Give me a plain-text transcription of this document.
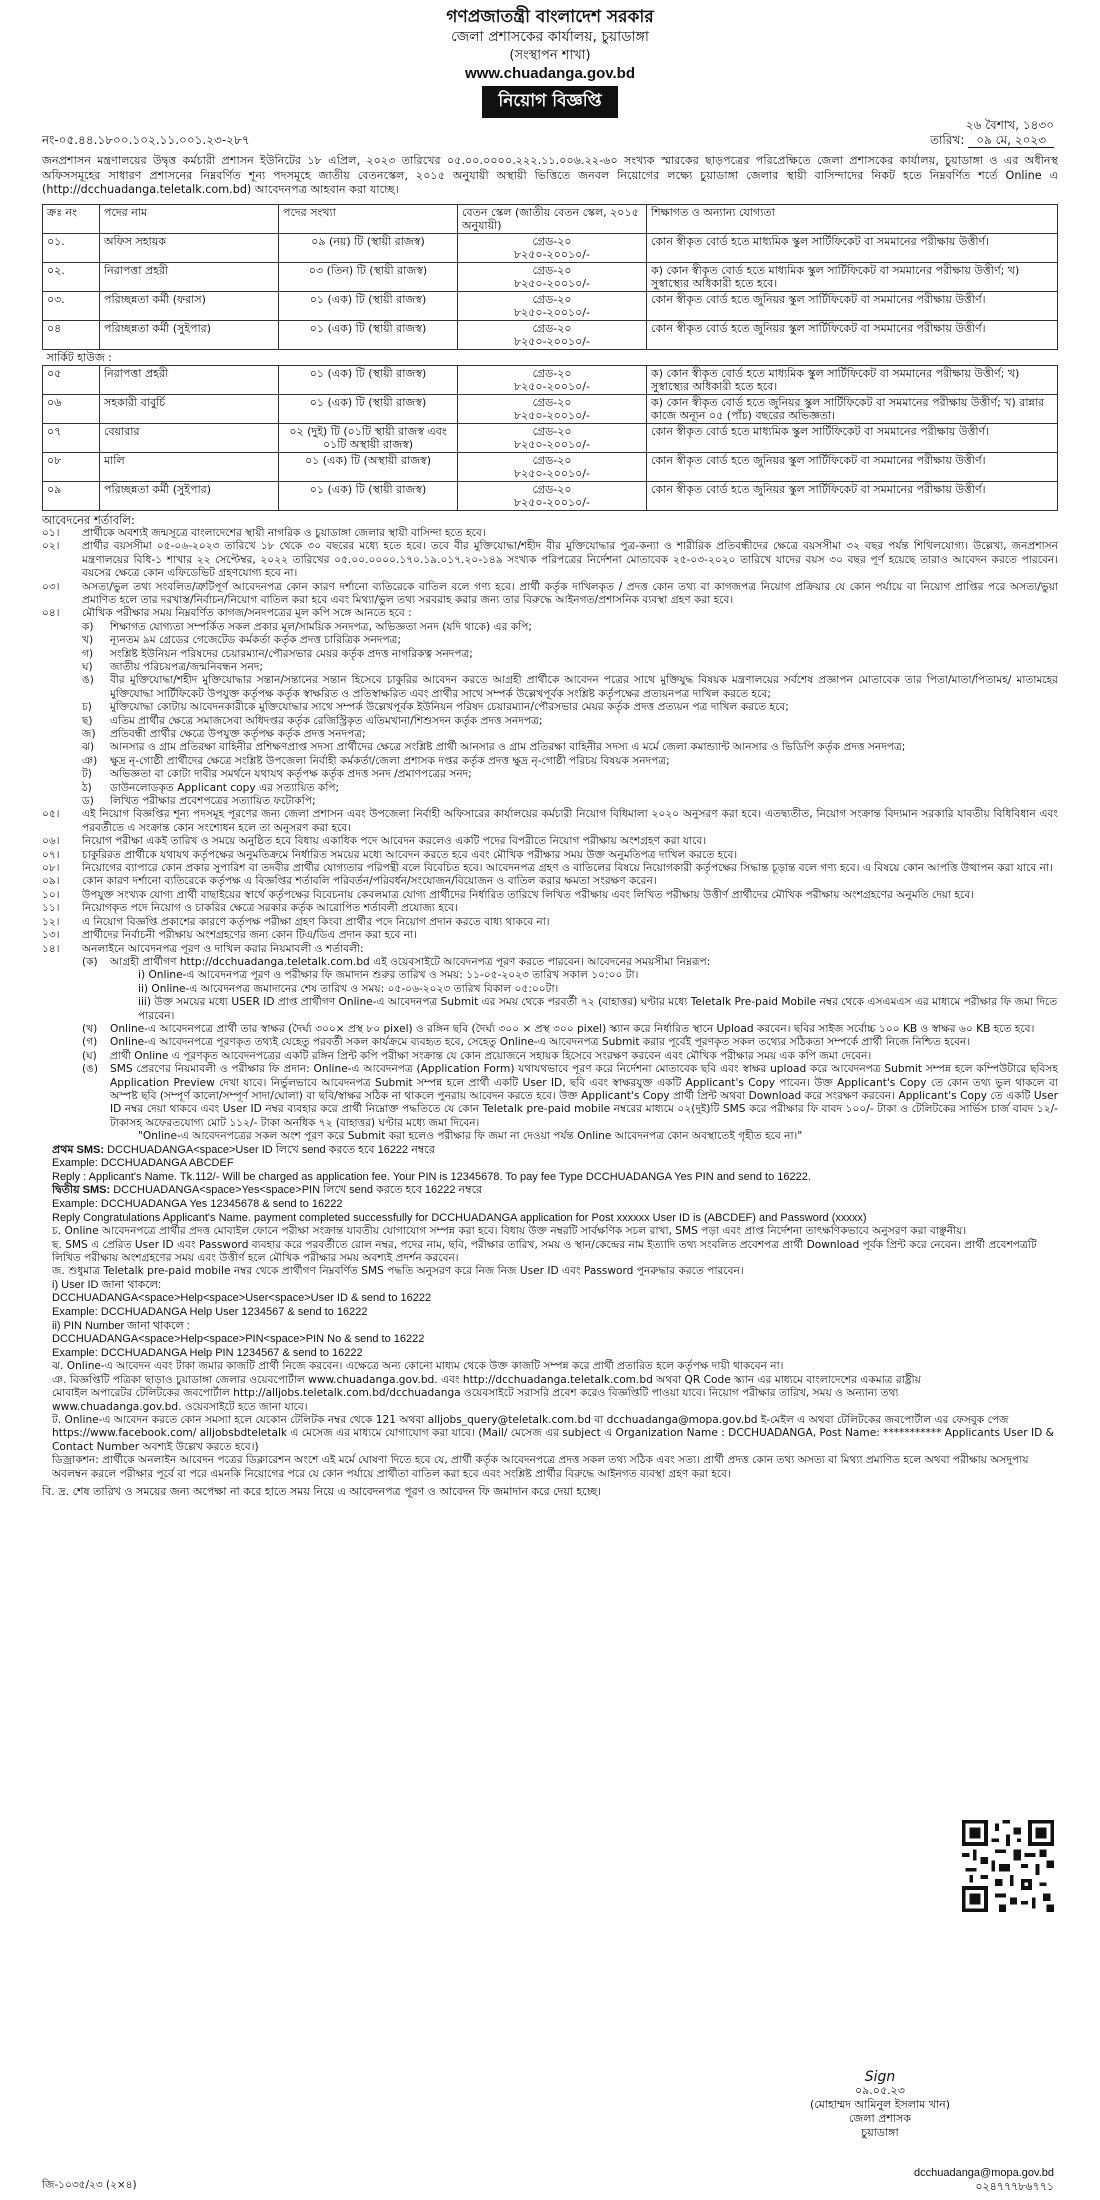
গণপ্রজাতন্ত্রী বাংলাদেশ সরকার
জেলা প্রশাসকের কার্যালয়, চুয়াডাঙ্গা
(সংস্থাপন শাখা)
www.chuadanga.gov.bd
নিয়োগ বিজ্ঞপ্তি
২৬ বৈশাখ, ১৪৩০
তারিখ: ০৯ মে, ২০২৩
নং-০৫.৪৪.১৮০০.১০২.১১.০০১.২৩-২৮৭
জনপ্রশাসন মন্ত্রণালয়ের উদ্বৃত্ত কর্মচারী প্রশাসন ইউনিটের ১৮ এপ্রিল, ২০২৩ তারিখের ০৫.০০.০০০০.২২২.১১.০০৬.২২-৬০ সংখ্যক স্মারকের ছাড়পত্রের পরিপ্রেক্ষিতে জেলা প্রশাসকের কার্যালয়, চুয়াডাঙ্গা ও এর অধীনস্থ অফিসসমূহের সাধারণ প্রশাসনের নিম্নবর্ণিত শূন্য পদসমূহে জাতীয় বেতনস্কেল, ২০১৫ অনুযায়ী অস্থায়ী ভিত্তিতে জনবল নিয়োগের লক্ষ্যে চুয়াডাঙ্গা জেলার স্থায়ী বাসিন্দাদের নিকট হতে নিম্নবর্ণিত শর্তে Online এ (http://dcchuadanga.teletalk.com.bd) আবেদনপত্র আহবান করা যাচ্ছে।
ক্রঃ নং	পদের নাম	পদের সংখ্যা	বেতন স্কেল (জাতীয় বেতন স্কেল, ২০১৫ অনুযায়ী)	শিক্ষাগত ও অন্যান্য যোগ্যতা
০১.	অফিস সহায়ক	০৯ (নয়) টি (স্থায়ী রাজস্ব)	গ্রেড-২০
৮২৫০-২০০১০/-	কোন স্বীকৃত বোর্ড হতে মাধ্যমিক স্কুল সার্টিফিকেট বা সমমানের পরীক্ষায় উত্তীর্ণ।
০২.	নিরাপত্তা প্রহরী	০৩ (তিন) টি (স্থায়ী রাজস্ব)	গ্রেড-২০
৮২৫০-২০০১০/-	ক) কোন স্বীকৃত বোর্ড হতে মাধ্যমিক স্কুল সার্টিফিকেট বা সমমানের পরীক্ষায় উত্তীর্ণ; খ) সুস্বাস্থ্যের অধিকারী হতে হবে।
০৩.	পরিচ্ছন্নতা কর্মী (ফরাস)	০১ (এক) টি (স্থায়ী রাজস্ব)	গ্রেড-২০
৮২৫০-২০০১০/-	কোন স্বীকৃত বোর্ড হতে জুনিয়র স্কুল সার্টিফিকেট বা সমমানের পরীক্ষায় উত্তীর্ণ।
০৪	পরিচ্ছন্নতা কর্মী (সুইপার)	০১ (এক) টি (স্থায়ী রাজস্ব)	গ্রেড-২০
৮২৫০-২০০১০/-	কোন স্বীকৃত বোর্ড হতে জুনিয়র স্কুল সার্টিফিকেট বা সমমানের পরীক্ষায় উত্তীর্ণ।
সার্কিট হাউজ :				
০৫	নিরাপত্তা প্রহরী	০১ (এক) টি (স্থায়ী রাজস্ব)	গ্রেড-২০
৮২৫০-২০০১০/-	ক) কোন স্বীকৃত বোর্ড হতে মাধ্যমিক স্কুল সার্টিফিকেট বা সমমানের পরীক্ষায় উত্তীর্ণ; খ) সুস্বাস্থ্যের অধিকারী হতে হবে।
০৬	সহকারী বাবুর্চি	০১ (এক) টি (স্থায়ী রাজস্ব)	গ্রেড-২০
৮২৫০-২০০১০/-	ক) কোন স্বীকৃত বোর্ড হতে জুনিয়র স্কুল সার্টিফিকেট বা সমমানের পরীক্ষায় উত্তীর্ণ; খ) রান্নার কাজে অন্যূন ০৫ (পাঁচ) বছরের অভিজ্ঞতা।
০৭	বেয়ারার	০২ (দুই) টি (০১টি স্থায়ী রাজস্ব এবং ০১টি অস্থায়ী রাজস্ব)	গ্রেড-২০
৮২৫০-২০০১০/-	কোন স্বীকৃত বোর্ড হতে মাধ্যমিক স্কুল সার্টিফিকেট বা সমমানের পরীক্ষায় উত্তীর্ণ।
০৮	মালি	০১ (এক) টি (অস্থায়ী রাজস্ব)	গ্রেড-২০
৮২৫০-২০০১০/-	কোন স্বীকৃত বোর্ড হতে জুনিয়র স্কুল সার্টিফিকেট বা সমমানের পরীক্ষায় উত্তীর্ণ।
০৯	পরিচ্ছন্নতা কর্মী (সুইপার)	০১ (এক) টি (স্থায়ী রাজস্ব)	গ্রেড-২০
৮২৫০-২০০১০/-	কোন স্বীকৃত বোর্ড হতে জুনিয়র স্কুল সার্টিফিকেট বা সমমানের পরীক্ষায় উত্তীর্ণ।
আবেদনের শর্তাবলি:
০১।	প্রার্থীকে অবশ্যই জন্মসূত্রে বাংলাদেশের স্থায়ী নাগরিক ও চুয়াডাঙ্গা জেলার স্থায়ী বাসিন্দা হতে হবে।
০২।	প্রার্থীর বয়সসীমা ০৫-০৬-২০২৩ তারিখে ১৮ থেকে ৩০ বছরের মধ্যে হতে হবে। তবে বীর মুক্তিযোদ্ধা/শহীদ বীর মুক্তিযোদ্ধার পুত্র-কন্যা ও শারীরিক প্রতিবন্ধীদের ক্ষেত্রে বয়সসীমা ৩২ বছর পর্যন্ত শিথিলযোগ্য। উল্লেখ্য, জনপ্রশাসন মন্ত্রণালয়ের বিধি-১ শাখার ২২ সেপ্টেম্বর, ২০২২ তারিখের ০৫.০০.০০০০.১৭০.১৯.০১৭.২০-১৪৯ সংখ্যক পরিপত্রের নির্দেশনা মোতাবেক ২৫-০৩-২০২০ তারিখে যাদের বয়স ৩০ বছর পূর্ণ হয়েছে তারাও আবেদন করতে পারবেন। বয়সের ক্ষেত্রে কোন এফিডেভিট গ্রহণযোগ্য হবে না।
০৩।	অসত্য/ভুল তথ্য সংবলিত/ত্রুটিপূর্ণ আবেদনপত্র কোন কারণ দর্শানো ব্যতিরেকে বাতিল বলে গণ্য হবে। প্রার্থী কর্তৃক দাখিলকৃত / প্রদত্ত কোন তথ্য বা কাগজপত্র নিয়োগ প্রক্রিয়ার যে কোন পর্যায়ে বা নিয়োগ প্রাপ্তির পরে অসত্য/ভুয়া প্রমাণিত হলে তার দরখাস্ত/নির্বাচন/নিয়োগ বাতিল করা হবে এবং মিথ্যা/ভুল তথ্য সরবরাহ করার জন্য তার বিরুদ্ধে আইনগত/প্রশাসনিক ব্যবস্থা গ্রহণ করা হবে।
০৪।	মৌখিক পরীক্ষার সময় নিম্নবর্ণিত কাগজ/সনদপত্রের মূল কপি সঙ্গে আনতে হবে :
ক)	শিক্ষাগত যোগ্যতা সম্পর্কিত সকল প্রকার মূল/সাময়িক সনদপত্র, অভিজ্ঞতা সনদ (যদি থাকে) এর কপি;
খ)	ন্যূনতম ৯ম গ্রেডের গেজেটেড কর্মকর্তা কর্তৃক প্রদত্ত চারিত্রিক সনদপত্র;
গ)	সংশ্লিষ্ট ইউনিয়ন পরিষদের চেয়ারম্যান/পৌরসভার মেয়র কর্তৃক প্রদত্ত নাগরিকত্ব সনদপত্র;
ঘ)	জাতীয় পরিচয়পত্র/জন্মনিবন্ধন সনদ;
ঙ)	বীর মুক্তিযোদ্ধা/শহীদ মুক্তিযোদ্ধার সন্তান/সন্তানের সন্তান হিসেবে চাকুরির আবেদন করতে আগ্রহী প্রার্থীকে আবেদন পত্রের সাথে মুক্তিযুদ্ধ বিষয়ক মন্ত্রণালয়ের সর্বশেষ প্রজ্ঞাপন মোতাবেক তার পিতা/মাতা/পিতামহ/ মাতামহের মুক্তিযোদ্ধা সার্টিফিকেট উপযুক্ত কর্তৃপক্ষ কর্তৃক স্বাক্ষরিত ও প্রতিস্বাক্ষরিত এবং প্রার্থীর সাথে সম্পর্ক উল্লেখপূর্বক সংশ্লিষ্ট কর্তৃপক্ষের প্রত্যয়নপত্র দাখিল করতে হবে;
চ)	মুক্তিযোদ্ধা কোটায় আবেদনকারীকে মুক্তিযোদ্ধার সাথে সম্পর্ক উল্লেখপূর্বক ইউনিয়ন পরিষদ চেয়ারম্যান/পৌরসভার মেয়র কর্তৃক প্রদত্ত প্রত্যয়ন পত্র দাখিল করতে হবে;
ছ)	এতিম প্রার্থীর ক্ষেত্রে সমাজসেবা অধিদপ্তর কর্তৃক রেজিস্ট্রিকৃত এতিমখানা/শিশুসদন কর্তৃক প্রদত্ত সনদপত্র;
জ)	প্রতিবন্ধী প্রার্থীর ক্ষেত্রে উপযুক্ত কর্তৃপক্ষ কর্তৃক প্রদত্ত সনদপত্র;
ঝ)	আনসার ও গ্রাম প্রতিরক্ষা বাহিনীর প্রশিক্ষণপ্রাপ্ত সদস্য প্রার্থীদের ক্ষেত্রে সংশ্লিষ্ট প্রার্থী আনসার ও গ্রাম প্রতিরক্ষা বাহিনীর সদস্য এ মর্মে জেলা কমান্ড্যান্ট আনসার ও ভিডিপি কর্তৃক প্রদত্ত সনদপত্র;
ঞ)	ক্ষুদ্র নৃ-গোষ্ঠী প্রার্থীদের ক্ষেত্রে সংশ্লিষ্ট উপজেলা নির্বাহী কর্মকর্তা/জেলা প্রশাসক দপ্তর কর্তৃক প্রদত্ত ক্ষুদ্র নৃ-গোষ্ঠী পরিচয় বিষয়ক সনদপত্র;
ট)	অভিজ্ঞতা বা কোটা দাবীর সমর্থনে যথাযথ কর্তৃপক্ষ কর্তৃক প্রদত্ত সনদ /প্রমাণপত্রের সনদ;
ঠ)	ডাউনলোডকৃত Applicant copy এর সত্যায়িত কপি;
ড)	লিখিত পরীক্ষার প্রবেশপত্রের সত্যায়িত ফটোকপি;
০৫।	এই নিয়োগ বিজ্ঞপ্তির শূন্য পদসমূহ পূরণের জন্য জেলা প্রশাসন এবং উপজেলা নির্বাহী অফিসারের কার্যালয়ের কর্মচারী নিয়োগ বিধিমালা ২০২০ অনুসরণ করা হবে। এতদ্ব্যতীত, নিয়োগ সংক্রান্ত বিদ্যমান সরকারি যাবতীয় বিধিবিধান এবং পরবর্তীতে এ সংক্রান্ত কোন সংশোধন হলে তা অনুসরণ করা হবে।
০৬।	নিয়োগ পরীক্ষা একই তারিখ ও সময়ে অনুষ্ঠিত হবে বিধায় একাধিক পদে আবেদন করলেও একটি পদের বিপরীতে নিয়োগ পরীক্ষায় অংশগ্রহণ করা যাবে।
০৭।	চাকুরিরত প্রার্থীকে যথাযথ কর্তৃপক্ষের অনুমতিক্রমে নির্ধারিত সময়ের মধ্যে আবেদন করতে হবে এবং মৌখিক পরীক্ষার সময় উক্ত অনুমতিপত্র দাখিল করতে হবে।
০৮।	নিয়োগের ব্যাপারে কোন প্রকার সুপারিশ বা তদবীর প্রার্থীর যোগ্যতার পরিপন্থী বলে বিবেচিত হবে। আবেদনপত্র গ্রহণ ও বাতিলের বিষয়ে নিয়োগকারী কর্তৃপক্ষের সিদ্ধান্ত চূড়ান্ত বলে গণ্য হবে। এ বিষয়ে কোন আপত্তি উত্থাপন করা যাবে না।
০৯।	কোন কারণ দর্শানো ব্যতিরেকে কর্তৃপক্ষ এ বিজ্ঞপ্তির শর্তাবলি পরিবর্তন/পরিবর্ধন/সংযোজন/বিয়োজন ও বাতিল করার ক্ষমতা সংরক্ষণ করেন।
১০।	উপযুক্ত সংখ্যক যোগ্য প্রার্থী বাছাইয়ের স্বার্থে কর্তৃপক্ষের বিবেচনায় কেবলমাত্র যোগ্য প্রার্থীদের নির্ধারিত তারিখে লিখিত পরীক্ষায় এবং লিখিত পরীক্ষায় উত্তীর্ণ প্রার্থীদের মৌখিক পরীক্ষায় অংশগ্রহণের অনুমতি দেয়া হবে।
১১।	নিয়োগকৃত পদে নিয়োগ ও চাকরির ক্ষেত্রে সরকার কর্তৃক আরোপিত শর্তাবলী প্রযোজ্য হবে।
১২।	এ নিয়োগ বিজ্ঞপ্তি প্রকাশের কারণে কর্তৃপক্ষ পরীক্ষা গ্রহণ কিংবা প্রার্থীর পদে নিয়োগ প্রদান করতে বাধ্য থাকবে না।
১৩।	প্রার্থীদের নির্বাচনী পরীক্ষায় অংশগ্রহণের জন্য কোন টিএ/ডিএ প্রদান করা হবে না।
১৪।	অনলাইনে আবেদনপত্র পূরণ ও দাখিল করার নিয়মাবলী ও শর্তাবলী:
(ক)	আগ্রহী প্রার্থীগণ http://dcchuadanga.teletalk.com.bd এই ওয়েবসাইটে আবেদনপত্র পূরণ করতে পারবেন। আবেদনের সময়সীমা নিম্নরূপ:
i) Online-এ আবেদনপত্র পূরণ ও পরীক্ষার ফি জমাদান শুরুর তারিখ ও সময়: ১১-০৫-২০২৩ তারিখ সকাল ১০:০০ টা।
ii) Online-এ আবেদনপত্র জমাদানের শেষ তারিখ ও সময়: ০৫-০৬-২০২৩ তারিখ বিকাল ০৫:০০টা।
iii) উক্ত সময়ের মধ্যে USER ID প্রাপ্ত প্রার্থীগণ Online-এ আবেদনপত্র Submit এর সময় থেকে পরবর্তী ৭২ (বাহাত্তর) ঘণ্টার মধ্যে Teletalk Pre-paid Mobile নম্বর থেকে এসএমএস এর মাধ্যমে পরীক্ষার ফি জমা দিতে পারবেন।
(খ)	Online-এ আবেদনপত্রে প্রার্থী তার স্বাক্ষর (দৈর্ঘ্য ৩০০× প্রস্থ ৮০ pixel) ও রঙ্গিন ছবি (দৈর্ঘ্য ৩০০ × প্রস্থ ৩০০ pixel) স্ক্যান করে নির্ধারিত স্থানে Upload করবেন। ছবির সাইজ সর্বোচ্চ ১০০ KB ও স্বাক্ষর ৬০ KB হতে হবে।
(গ)	Online-এ আবেদনপত্রে পূরণকৃত তথ্যই যেহেতু পরবর্তী সকল কার্যক্রমে ব্যবহৃত হবে, সেহেতু Online-এ আবেদনপত্র Submit করার পূর্বেই পূরণকৃত সকল তথ্যের সঠিকতা সম্পর্কে প্রার্থী নিজে নিশ্চিত হবেন।
(ঘ)	প্রার্থী Online এ পূরণকৃত আবেদনপত্রের একটি রঙ্গিন প্রিন্ট কপি পরীক্ষা সংক্রান্ত যে কোন প্রয়োজনে সহায়ক হিসেবে সংরক্ষণ করবেন এবং মৌখিক পরীক্ষার সময় এক কপি জমা দেবেন।
(ঙ)	SMS প্রেরণের নিয়মাবলী ও পরীক্ষার ফি প্রদান: Online-এ আবেদনপত্র (Application Form) যথাযথভাবে পূরণ করে নির্দেশনা মোতাবেক ছবি এবং স্বাক্ষর upload করে আবেদনপত্র Submit সম্পন্ন হলে কম্পিউটারে ছবিসহ Application Preview দেখা যাবে। নির্ভুলভাবে আবেদনপত্র Submit সম্পন্ন হলে প্রার্থী একটি User ID, ছবি এবং স্বাক্ষরযুক্ত একটি Applicant's Copy পাবেন। উক্ত Applicant's Copy তে কোন তথ্য ভুল থাকলে বা অস্পষ্ট ছবি (সম্পূর্ণ কালো/সম্পূর্ণ সাদা/ঘোলা) বা ছবি/স্বাক্ষর সঠিক না থাকলে পুনরায় আবেদন করতে হবে। উক্ত Applicant's Copy প্রার্থী প্রিন্ট অথবা Download করে সংরক্ষণ করবেন। Applicant's Copy তে একটি User ID নম্বর দেয়া থাকবে এবং User ID নম্বর ব্যবহার করে প্রার্থী নিম্নোক্ত পদ্ধতিতে যে কোন Teletalk pre-paid mobile নম্বরের মাধ্যমে ০২(দুই)টি SMS করে পরীক্ষার ফি বাবদ ১০০/- টাকা ও টেলিটকের সার্ভিস চার্জ বাবদ ১২/- টাকাসহ অফেরতযোগ্য মোট ১১২/- টাকা অনধিক ৭২ (বাহাত্তর) ঘণ্টার মধ্যে জমা দিবেন।
"Online-এ আবেদনপত্রের সকল অংশ পূরণ করে Submit করা হলেও পরীক্ষার ফি জমা না দেওয়া পর্যন্ত Online আবেদনপত্র কোন অবস্থাতেই গৃহীত হবে না।"
প্রথম SMS: DCCHUADANGA<space>User ID লিখে send করতে হবে 16222 নম্বরে
Example: DCCHUADANGA ABCDEF
Reply : Applicant's Name. Tk.112/- Will be charged as application fee. Your PIN is 12345678. To pay fee Type DCCHUADANGA Yes PIN and send to 16222.
দ্বিতীয় SMS: DCCHUADANGA<space>Yes<space>PIN লিখে send করতে হবে 16222 নম্বরে
Example: DCCHUADANGA Yes 12345678 & send to 16222
Reply Congratulations Applicant's Name. payment completed successfully for DCCHUADANGA application for Post xxxxxx User ID is (ABCDEF) and Password (xxxxx)
চ. Online আবেদনপত্রে প্রার্থীর প্রদত্ত মোবাইল ফোনে পরীক্ষা সংক্রান্ত যাবতীয় যোগাযোগ সম্পন্ন করা হবে। বিধায় উক্ত নম্বরটি সার্বক্ষণিক সচল রাখা, SMS পড়া এবং প্রাপ্ত নির্দেশনা তাৎক্ষণিকভাবে অনুসরণ করা বাঞ্ছনীয়।
ছ. SMS এ প্রেরিত User ID এবং Password ব্যবহার করে পরবর্তীতে রোল নম্বর, পদের নাম, ছবি, পরীক্ষার তারিখ, সময় ও স্থান/কেন্দ্রের নাম ইত্যাদি তথ্য সংবলিত প্রবেশপত্র প্রার্থী Download পূর্বক প্রিন্ট করে নেবেন। প্রার্থী প্রবেশপত্রটি লিখিত পরীক্ষায় অংশগ্রহণের সময় এবং উত্তীর্ণ হলে মৌখিক পরীক্ষার সময় অবশ্যই প্রদর্শন করবেন।
জ. শুধুমাত্র Teletalk pre-paid mobile নম্বর থেকে প্রার্থীগণ নিম্নবর্ণিত SMS পদ্ধতি অনুসরণ করে নিজ নিজ User ID এবং Password পুনরুদ্ধার করতে পারবেন।
i) User ID জানা থাকলে:
DCCHUADANGA<space>Help<space>User<space>User ID & send to 16222
Example: DCCHUADANGA Help User 1234567 & send to 16222
ii) PIN Number জানা থাকলে :
DCCHUADANGA<space>Help<space>PIN<space>PIN No & send to 16222
Example: DCCHUADANGA Help PIN 1234567 & send to 16222
ঝ. Online-এ আবেদন এবং টাকা জমার কাজটি প্রার্থী নিজে করবেন। এক্ষেত্রে অন্য কোনো মাধ্যম থেকে উক্ত কাজটি সম্পন্ন করে প্রার্থী প্রতারিত হলে কর্তৃপক্ষ দায়ী থাকবেন না।
ঞ. বিজ্ঞপ্তিটি পত্রিকা ছাড়াও চুয়াডাঙ্গা জেলার ওয়েবপোর্টাল www.chuadanga.gov.bd. এবং http://dcchuadanga.teletalk.com.bd অথবা QR Code স্ক্যান এর মাধ্যমে বাংলাদেশের একমাত্র রাষ্ট্রীয় মোবাইল অপারেটর টেলিটকের জবপোর্টাল http://alljobs.teletalk.com.bd/dcchuadanga ওয়েবসাইটে সরাসরি প্রবেশ করেও বিজ্ঞপ্তিটি পাওয়া যাবে। নিয়োগ পরীক্ষার তারিখ, সময় ও অন্যান্য তথ্য www.chuadanga.gov.bd. ওয়েবসাইটে হতে জানা যাবে।
ট. Online-এ আবেদন করতে কোন সমস্যা হলে যেকোন টেলিটক নম্বর থেকে 121 অথবা alljobs_query@teletalk.com.bd বা dcchuadanga@mopa.gov.bd ই-মেইল এ অথবা টেলিটকের জবপোর্টাল এর ফেসবুক পেজ https://www.facebook.com/ alljobsbdteletalk এ মেসেজ এর মাধ্যমে যোগাযোগ করা যাবে। (Mail/ মেসেজ এর subject এ Organization Name : DCCHUADANGA, Post Name: *********** Applicants User ID & Contact Number অবশ্যই উল্লেখ করতে হবে।)
ডিজ্রাকশন: প্রার্থীকে অনলাইন আবেদন পত্রের ডিক্লারেশন অংশে এই মর্মে ঘোষণা দিতে হবে যে, প্রার্থী কর্তৃক আবেদনপত্রে প্রদত্ত সকল তথ্য সঠিক এবং সত্য। প্রার্থী প্রদত্ত কোন তথ্য অসত্য বা মিথ্যা প্রমাণিত হলে অথবা পরীক্ষায় অসদুপায় অবলম্বন করলে পরীক্ষার পূর্বে বা পরে এমনকি নিয়োগের পরে যে কোন পর্যায়ে প্রার্থীতা বাতিল করা হবে এবং সংশ্লিষ্ট প্রার্থীর বিরুদ্ধে আইনগত ব্যবস্থা গ্রহণ করা হবে।
বি. দ্র. শেষ তারিখ ও সময়ের জন্য অপেক্ষা না করে হাতে সময় নিয়ে এ আবেদনপত্র পূরণ ও আবেদন ফি জমাদান করে দেয়া হচ্ছে।
Sign
০৯.০৫.২৩
(মোহাম্মদ আমিনুল ইসলাম খান)
জেলা প্রশাসক
চুয়াডাঙ্গা
জি-১০৩৫/২৩ (২×৪)
dcchuadanga@mopa.gov.bd
০২৪৭৭৭৮৬৭৭১
